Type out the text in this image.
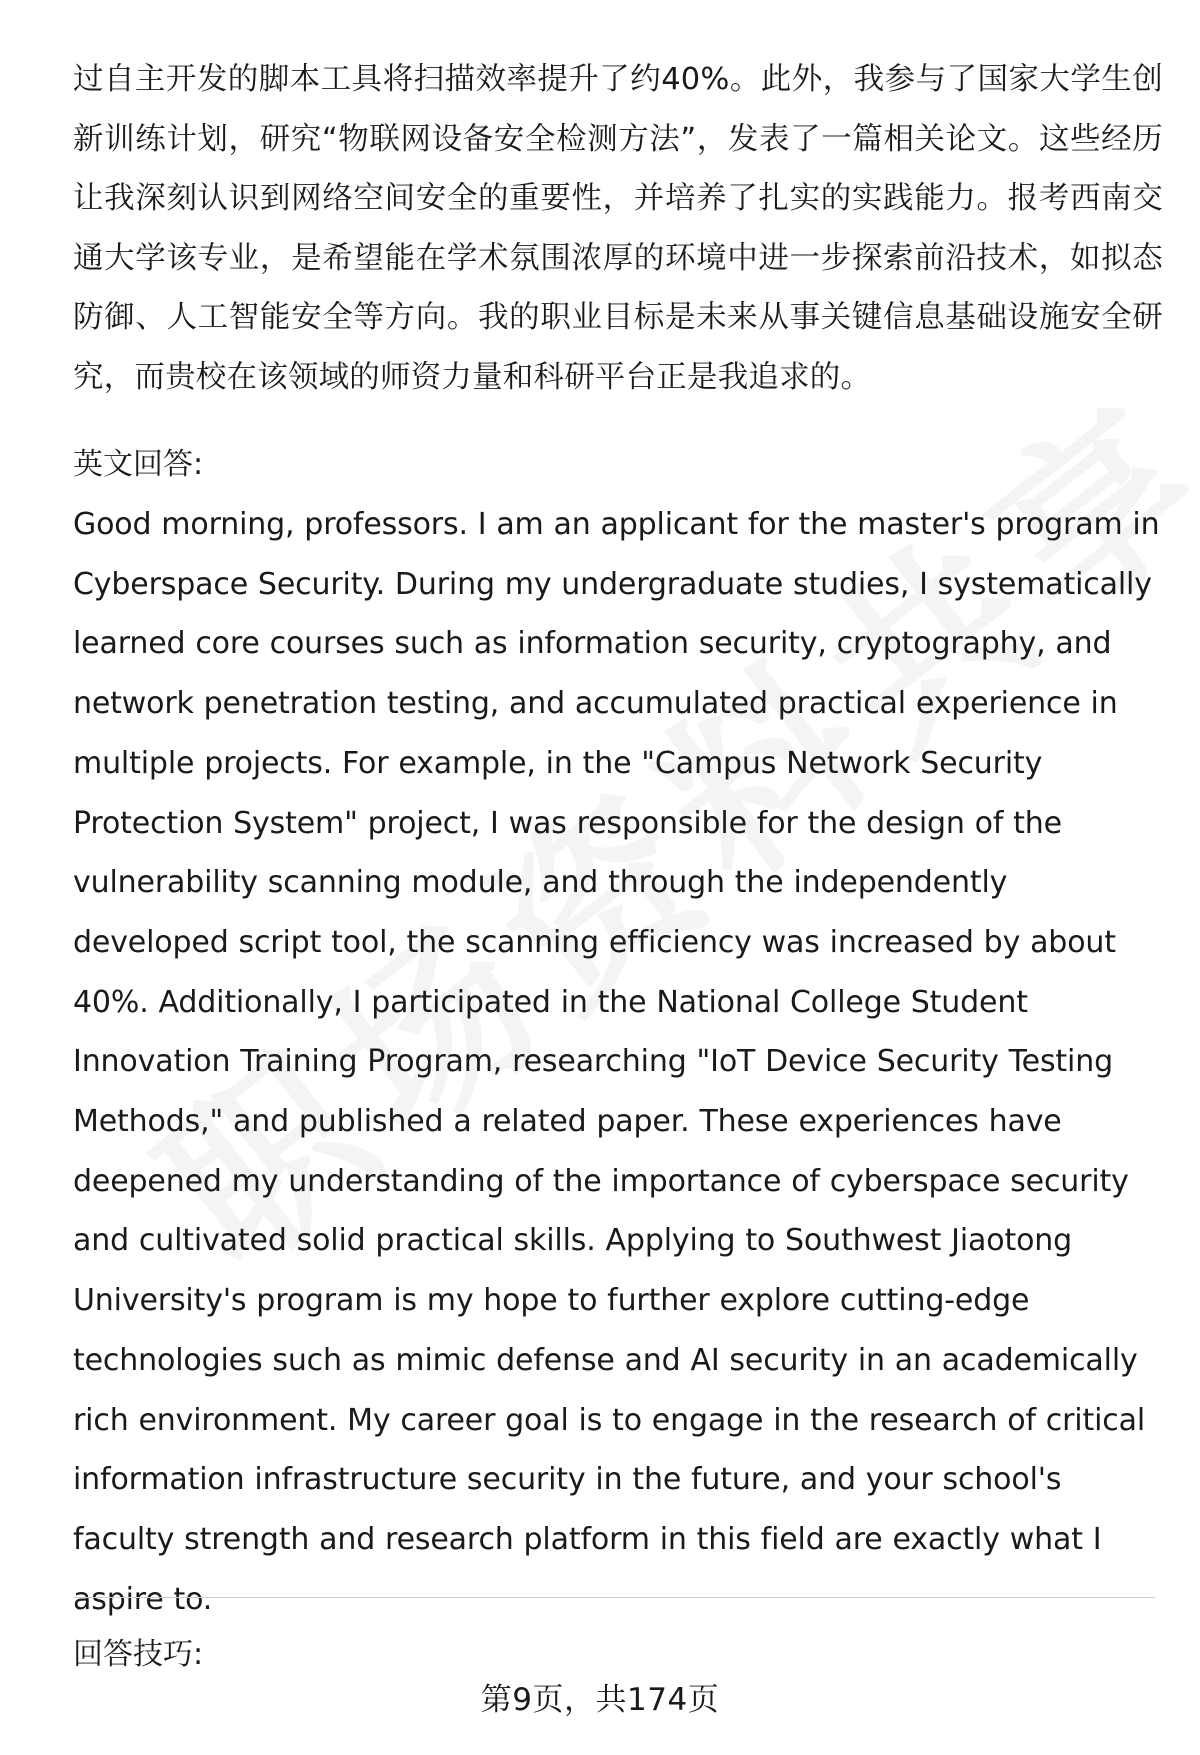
过自主开发的脚本工具将扫描效率提升了约40%。此外，我参与了国家大学生创新训练计划，研究“物联网设备安全检测方法”，发表了一篇相关论文。这些经历让我深刻认识到网络空间安全的重要性，并培养了扎实的实践能力。报考西南交通大学该专业，是希望能在学术氛围浓厚的环境中进一步探索前沿技术，如拟态防御、人工智能安全等方向。我的职业目标是未来从事关键信息基础设施安全研究，而贵校在该领域的师资力量和科研平台正是我追求的。

英文回答:

Good morning, professors. I am an applicant for the master's program in Cyberspace Security. During my undergraduate studies, I systematically learned core courses such as information security, cryptography, and network penetration testing, and accumulated practical experience in multiple projects. For example, in the "Campus Network Security Protection System" project, I was responsible for the design of the vulnerability scanning module, and through the independently developed script tool, the scanning efficiency was increased by about 40%. Additionally, I participated in the National College Student Innovation Training Program, researching "IoT Device Security Testing Methods," and published a related paper. These experiences have deepened my understanding of the importance of cyberspace security and cultivated solid practical skills. Applying to Southwest Jiaotong University's program is my hope to further explore cutting-edge technologies such as mimic defense and AI security in an academically rich environment. My career goal is to engage in the research of critical information infrastructure security in the future, and your school's faculty strength and research platform in this field are exactly what I aspire to.

回答技巧:
第9页，共174页
